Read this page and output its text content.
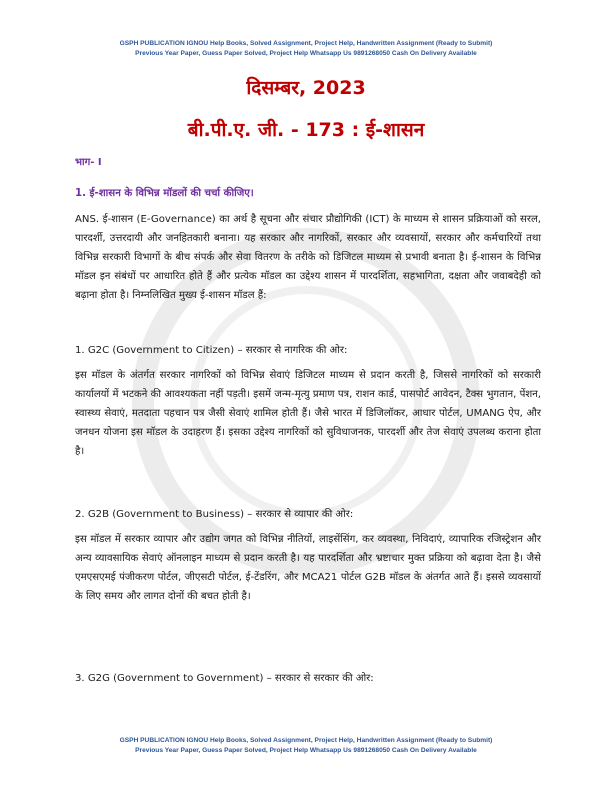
GSPH PUBLICATION IGNOU Help Books, Solved Assignment, Project Help, Handwritten Assignment (Ready to Submit)
Previous Year Paper, Guess Paper Solved, Project Help Whatsapp Us 9891268050 Cash On Delivery Available
दिसम्बर, 2023
बी.पी.ए. जी. - 173 : ई-शासन
भाग- I
1. ई-शासन के विभिन्न मॉडलों की चर्चा कीजिए।

ANS. ई-शासन (E-Governance) का अर्थ है सूचना और संचार प्रौद्योगिकी (ICT) के माध्यम से शासन प्रक्रियाओं को सरल, पारदर्शी, उत्तरदायी और जनहितकारी बनाना। यह सरकार और नागरिकों, सरकार और व्यवसायों, सरकार और कर्मचारियों तथा विभिन्न सरकारी विभागों के बीच संपर्क और सेवा वितरण के तरीके को डिजिटल माध्यम से प्रभावी बनाता है। ई-शासन के विभिन्न मॉडल इन संबंधों पर आधारित होते हैं और प्रत्येक मॉडल का उद्देश्य शासन में पारदर्शिता, सहभागिता, दक्षता और जवाबदेही को बढ़ाना होता है। निम्नलिखित मुख्य ई-शासन मॉडल हैं:

1. G2C (Government to Citizen) – सरकार से नागरिक की ओर:

इस मॉडल के अंतर्गत सरकार नागरिकों को विभिन्न सेवाएं डिजिटल माध्यम से प्रदान करती है, जिससे नागरिकों को सरकारी कार्यालयों में भटकने की आवश्यकता नहीं पड़ती। इसमें जन्म-मृत्यु प्रमाण पत्र, राशन कार्ड, पासपोर्ट आवेदन, टैक्स भुगतान, पेंशन, स्वास्थ्य सेवाएं, मतदाता पहचान पत्र जैसी सेवाएं शामिल होती हैं। जैसे भारत में डिजिलॉकर, आधार पोर्टल, UMANG ऐप, और जनधन योजना इस मॉडल के उदाहरण हैं। इसका उद्देश्य नागरिकों को सुविधाजनक, पारदर्शी और तेज सेवाएं उपलब्ध कराना होता है।

2. G2B (Government to Business) – सरकार से व्यापार की ओर:

इस मॉडल में सरकार व्यापार और उद्योग जगत को विभिन्न नीतियों, लाइसेंसिंग, कर व्यवस्था, निविदाएं, व्यापारिक रजिस्ट्रेशन और अन्य व्यावसायिक सेवाएं ऑनलाइन माध्यम से प्रदान करती है। यह पारदर्शिता और भ्रष्टाचार मुक्त प्रक्रिया को बढ़ावा देता है। जैसे एमएसएमई पंजीकरण पोर्टल, जीएसटी पोर्टल, ई-टेंडरिंग, और MCA21 पोर्टल G2B मॉडल के अंतर्गत आते हैं। इससे व्यवसायों के लिए समय और लागत दोनों की बचत होती है।

3. G2G (Government to Government) – सरकार से सरकार की ओर:

GSPH PUBLICATION IGNOU Help Books, Solved Assignment, Project Help, Handwritten Assignment (Ready to Submit)
Previous Year Paper, Guess Paper Solved, Project Help Whatsapp Us 9891268050 Cash On Delivery Available
